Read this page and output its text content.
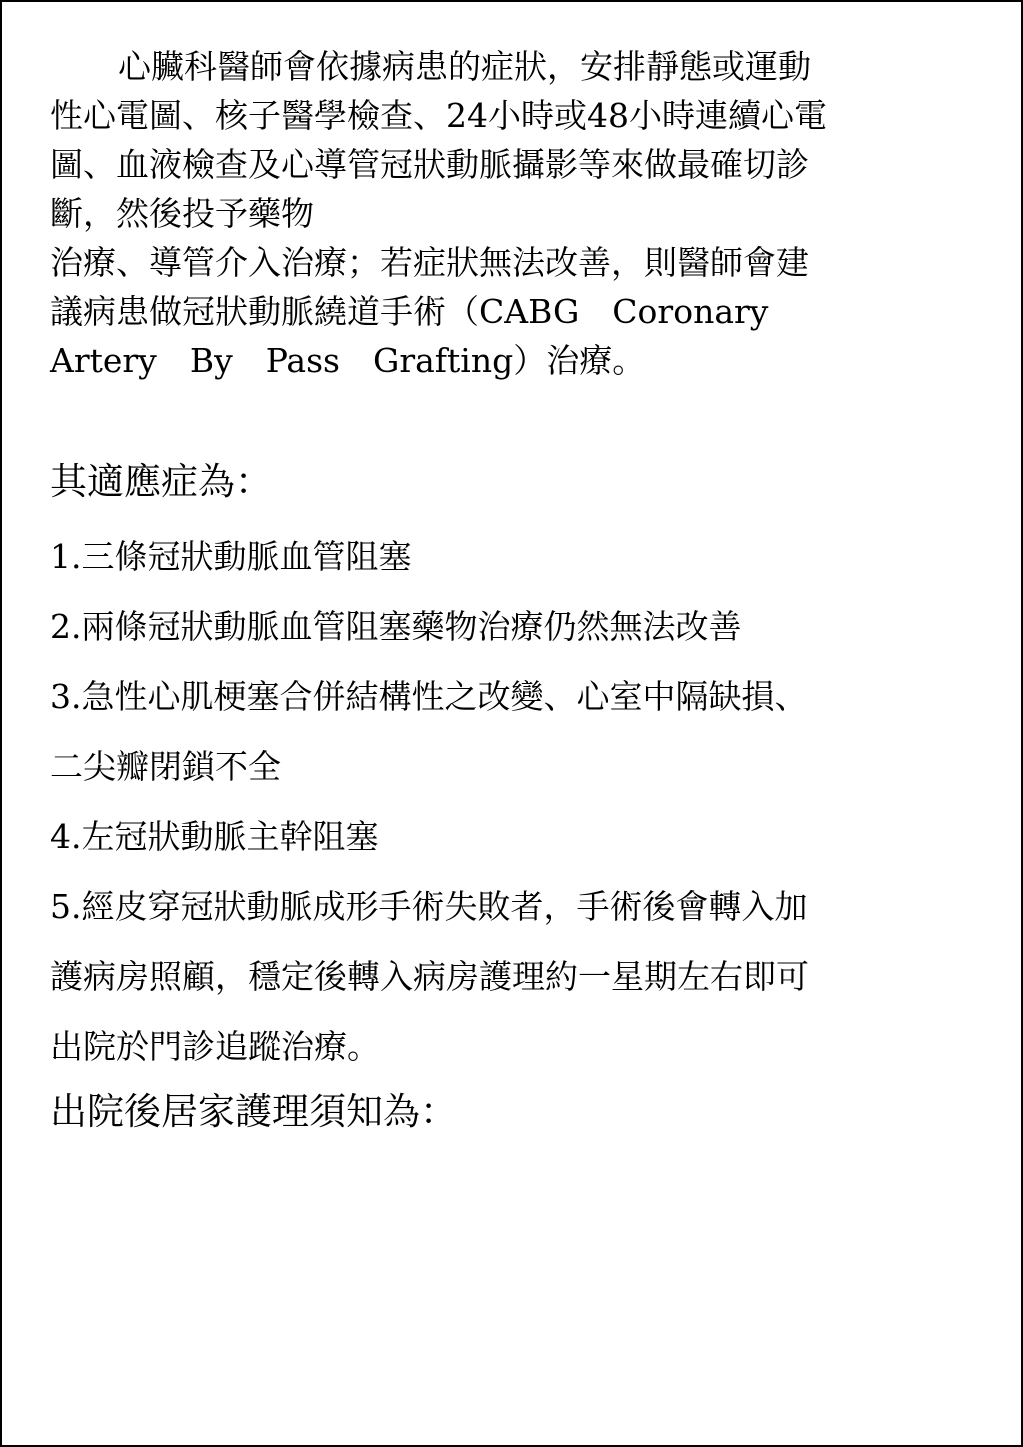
心臟科醫師會依據病患的症狀，安排靜態或運動
性心電圖、核子醫學檢查、24小時或48小時連續心電
圖、血液檢查及心導管冠狀動脈攝影等來做最確切診
斷，然後投予藥物
治療、導管介入治療；若症狀無法改善，則醫師會建
議病患做冠狀動脈繞道手術（CABG　Coronary
Artery　By　Pass　Grafting）治療。
其適應症為：
1.三條冠狀動脈血管阻塞
2.兩條冠狀動脈血管阻塞藥物治療仍然無法改善
3.急性心肌梗塞合併結構性之改變、心室中隔缺損、
二尖瓣閉鎖不全
4.左冠狀動脈主幹阻塞
5.經皮穿冠狀動脈成形手術失敗者，手術後會轉入加
護病房照顧，穩定後轉入病房護理約一星期左右即可
出院於門診追蹤治療。
出院後居家護理須知為：
